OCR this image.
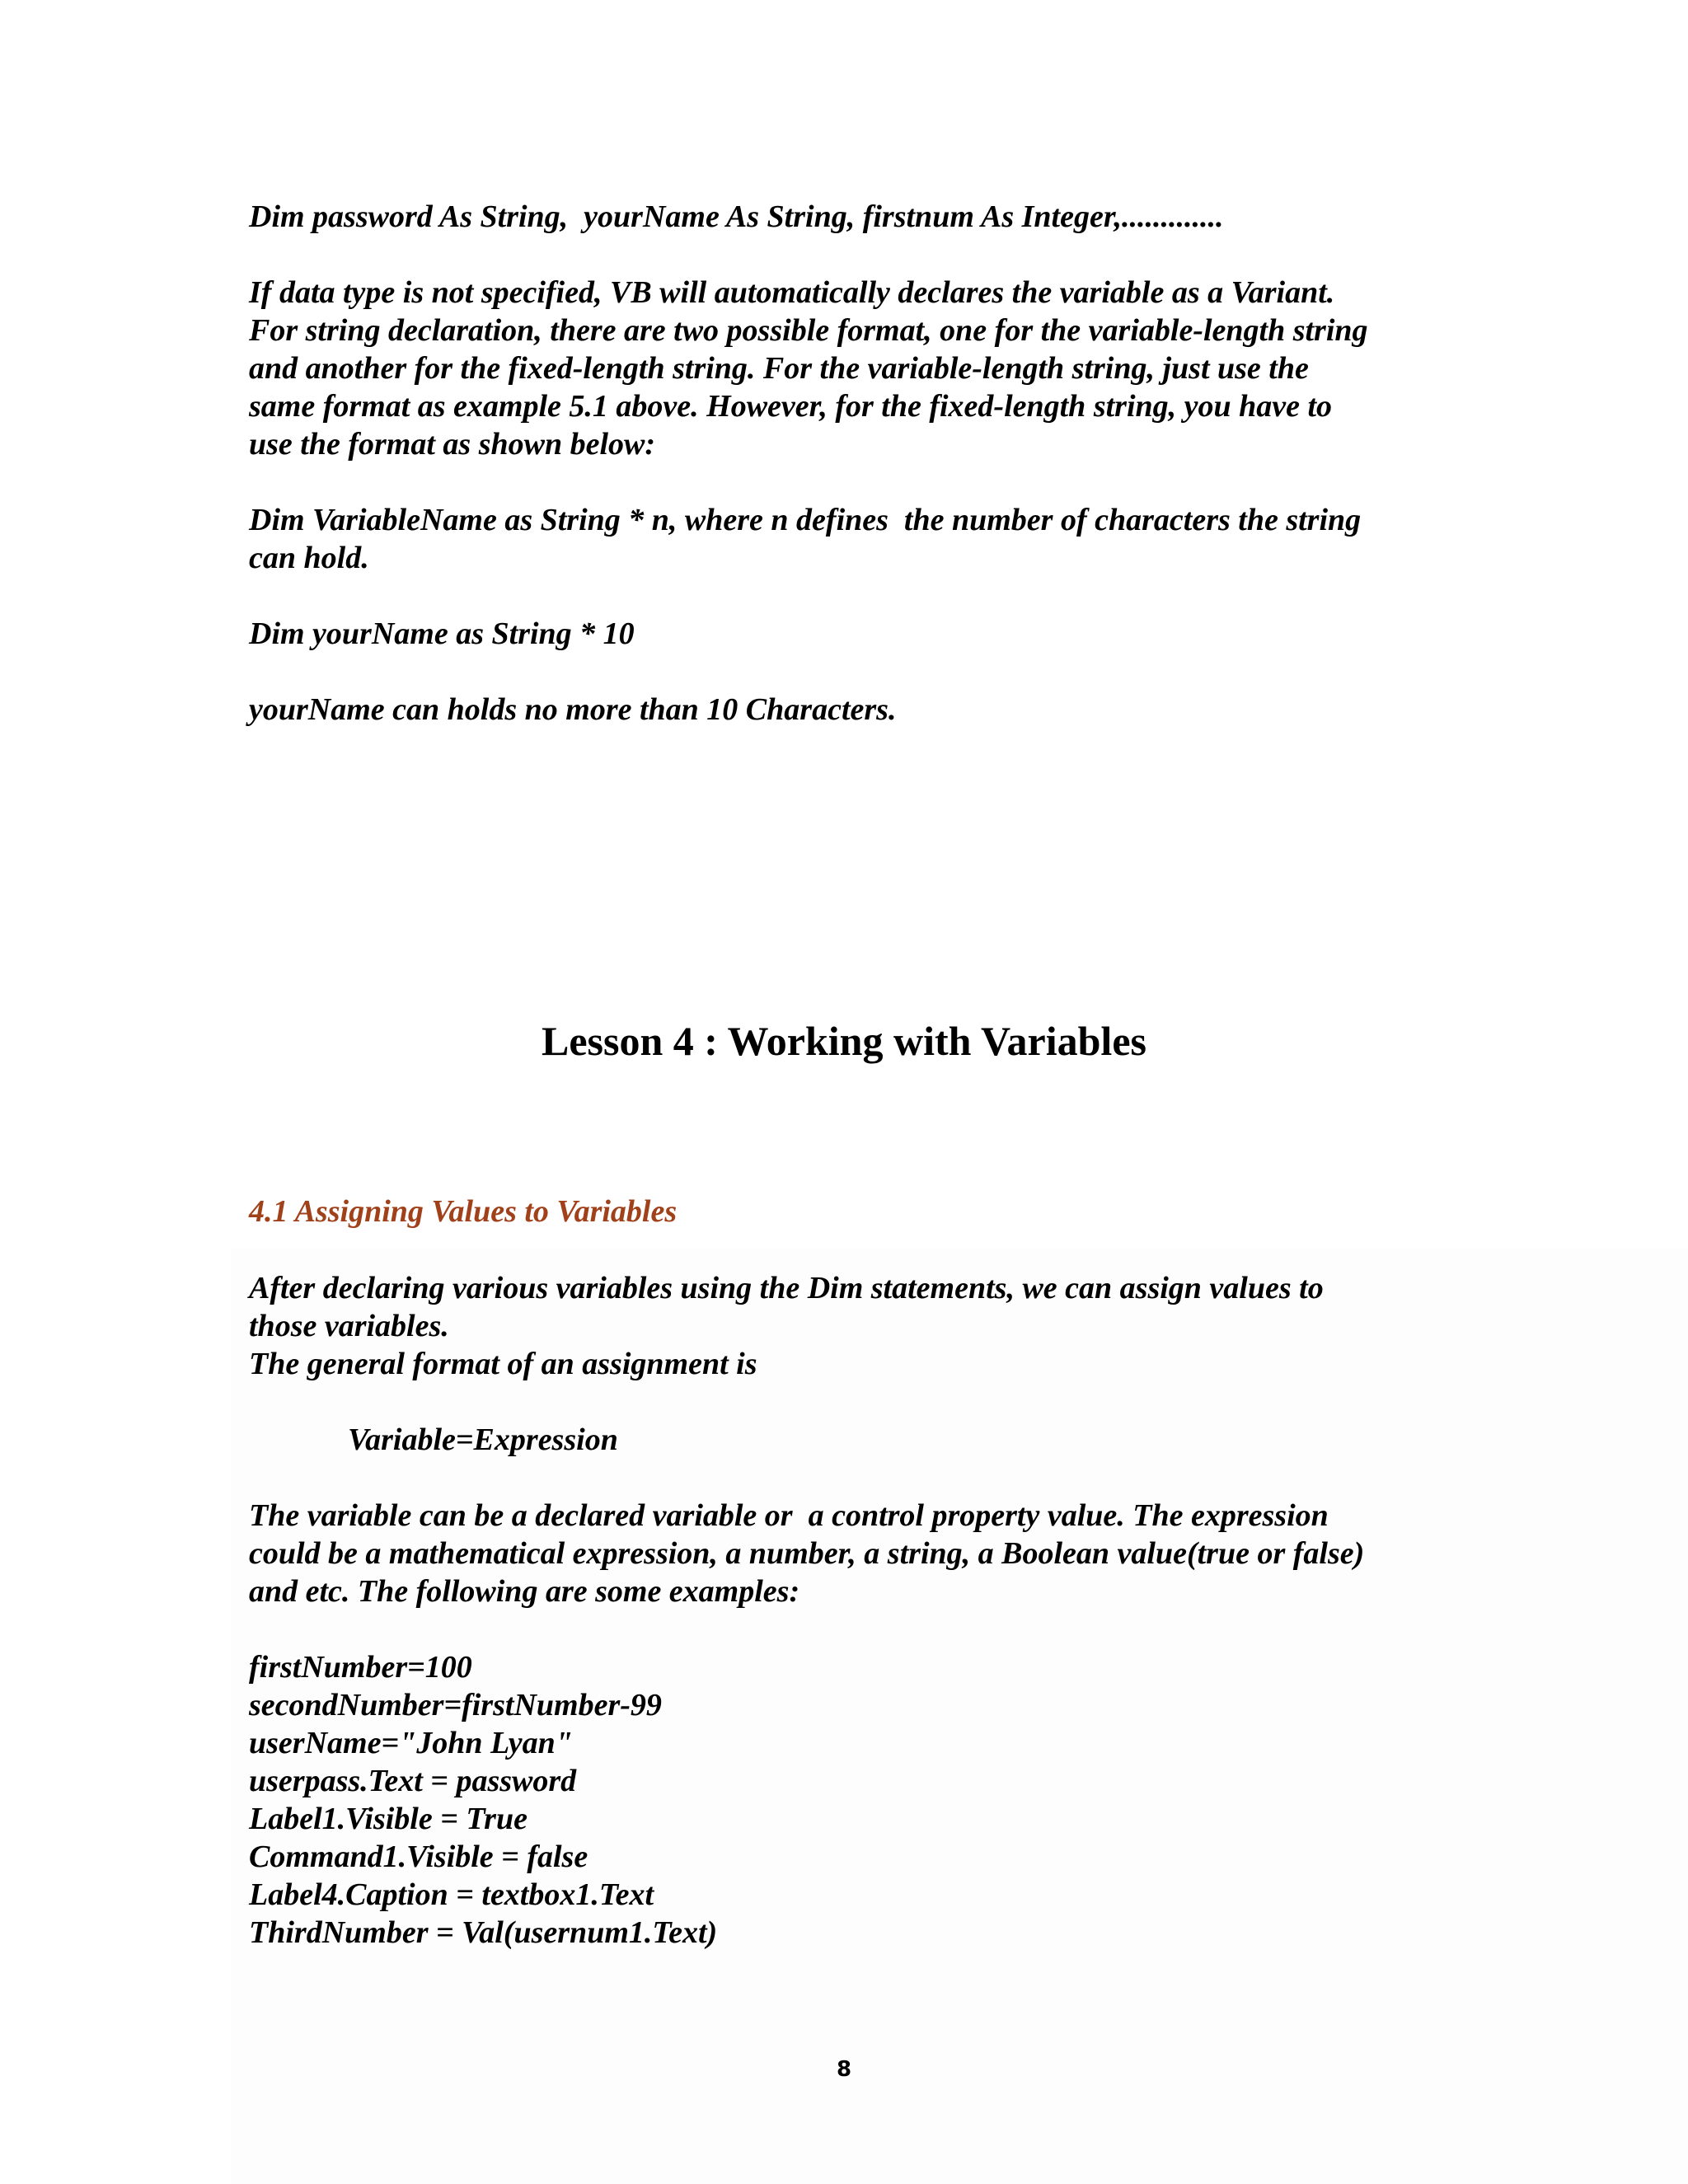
Dim password As String,  yourName As String, firstnum As Integer,.............

If data type is not specified, VB will automatically declares the variable as a Variant.

For string declaration, there are two possible format, one for the variable-length string

and another for the fixed-length string. For the variable-length string, just use the

same format as example 5.1 above. However, for the fixed-length string, you have to

use the format as shown below:

Dim VariableName as String * n, where n defines  the number of characters the string

can hold.

Dim yourName as String * 10

yourName can holds no more than 10 Characters.

Lesson 4 : Working with Variables
4.1 Assigning Values to Variables

After declaring various variables using the Dim statements, we can assign values to

those variables.

The general format of an assignment is

Variable=Expression

The variable can be a declared variable or  a control property value. The expression

could be a mathematical expression, a number, a string, a Boolean value(true or false)

and etc. The following are some examples:

firstNumber=100

secondNumber=firstNumber-99

userName="John Lyan"

userpass.Text = password

Label1.Visible = True

Command1.Visible = false

Label4.Caption = textbox1.Text

ThirdNumber = Val(usernum1.Text)

8
